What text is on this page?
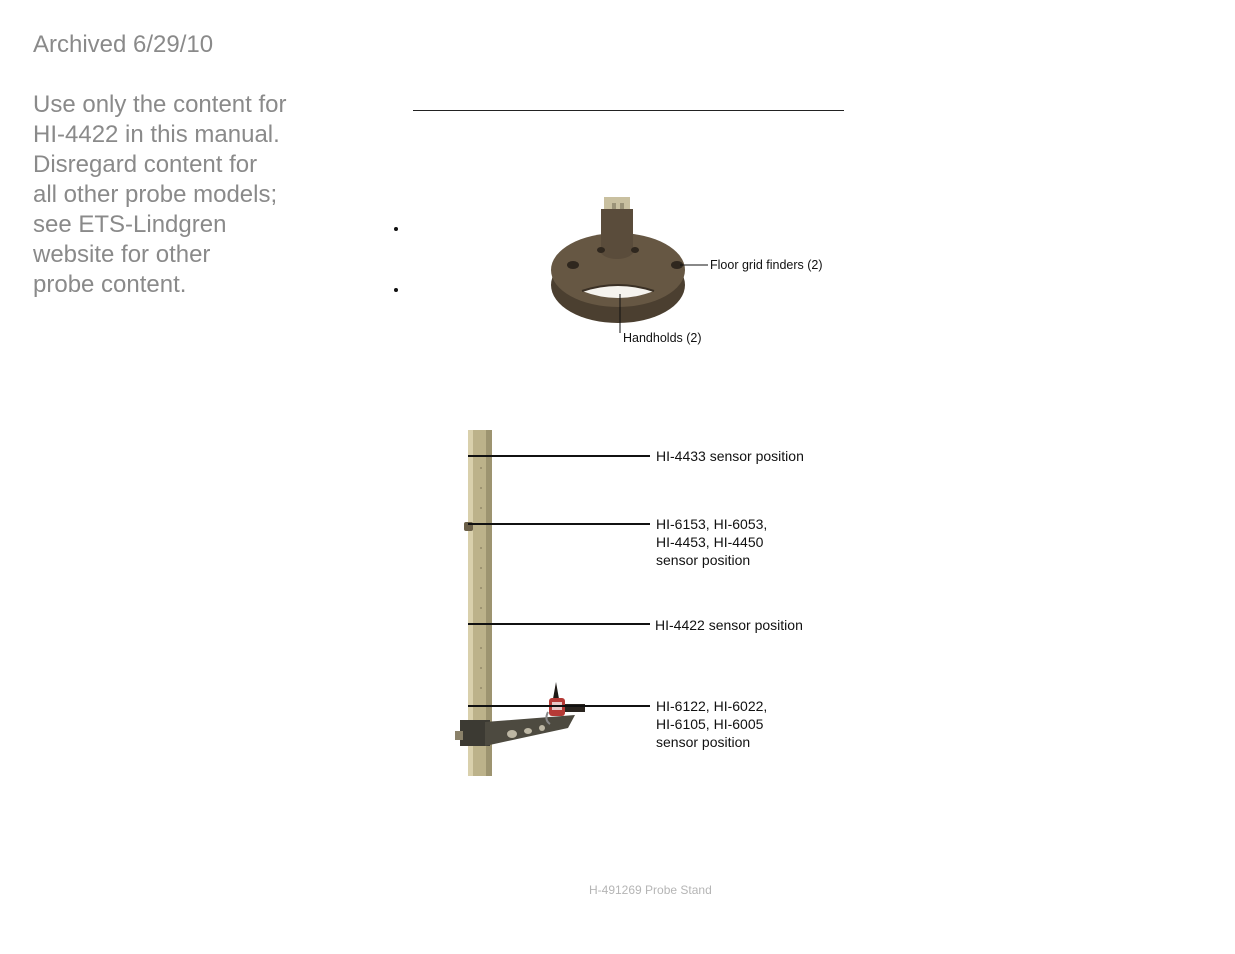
Archived 6/29/10
Use only the content for
HI-4422 in this manual.
Disregard content for
all other probe models;
see ETS-Lindgren
website for other
probe content.
Floor grid finders (2)
Handholds (2)
HI-4433 sensor position
HI-6153, HI-6053,
HI-4453, HI-4450
sensor position
HI-4422 sensor position
HI-6122, HI-6022,
HI-6105, HI-6005
sensor position
H-491269 Probe Stand
